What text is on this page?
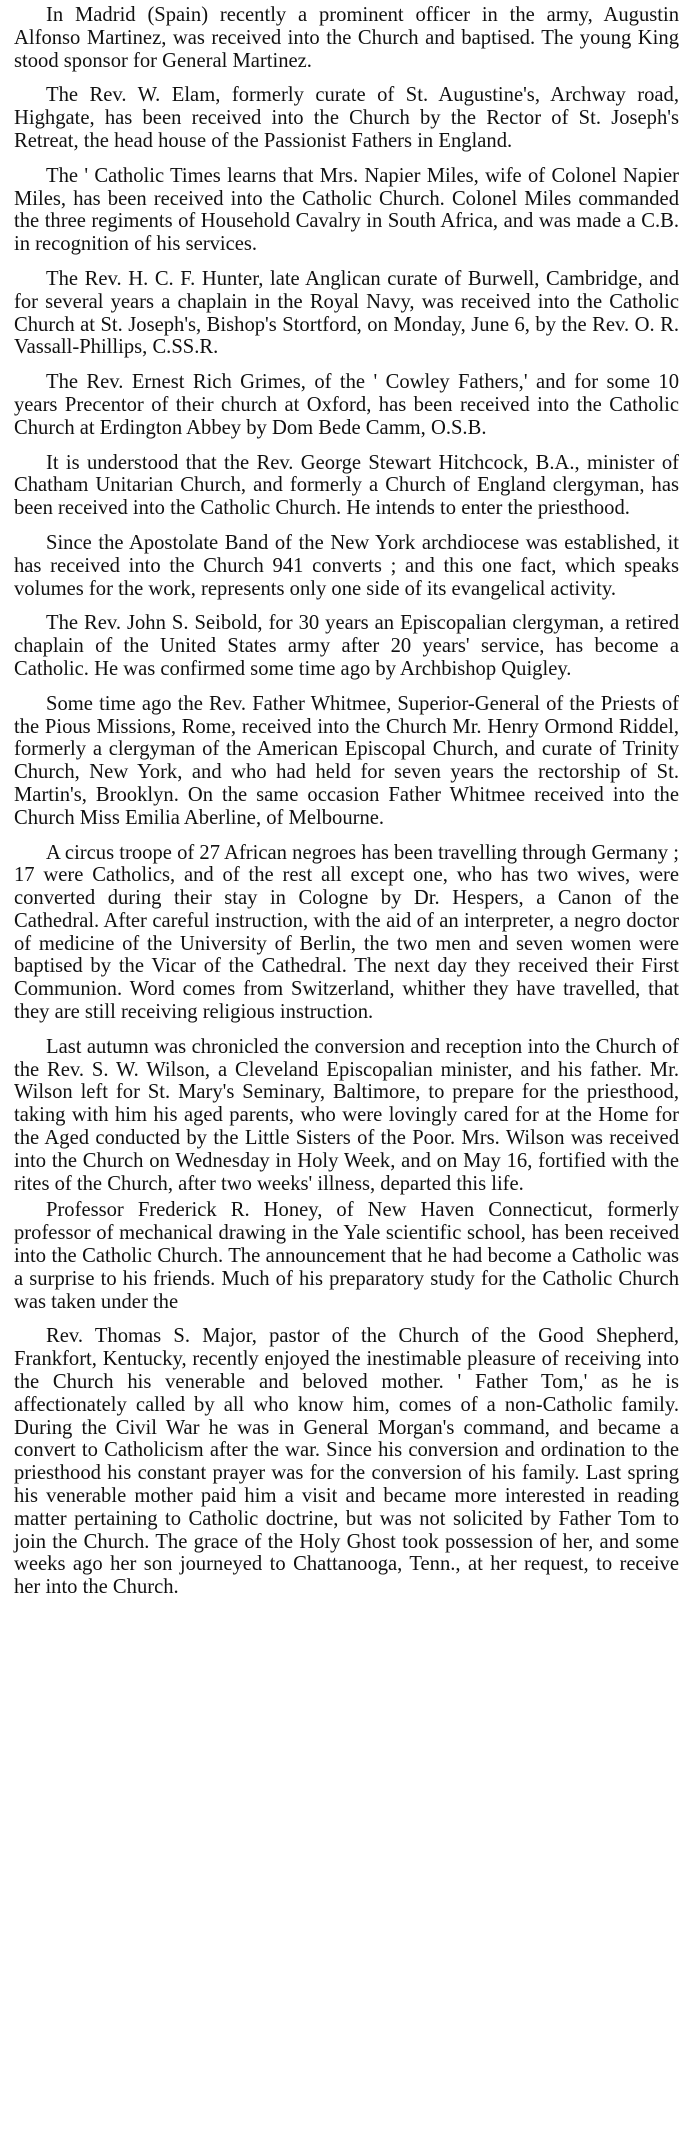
In Madrid (Spain) recently a prominent officer in the army, Augustin Alfonso Martinez, was received into the Church and baptised. The young King stood sponsor for General Martinez.

The Rev. W. Elam, formerly curate of St. Augustine's, Archway road, Highgate, has been received into the Church by the Rector of St. Joseph's Retreat, the head house of the Passionist Fathers in England.

The ' Catholic Times learns that Mrs. Napier Miles, wife of Colonel Napier Miles, has been received into the Catholic Church. Colonel Miles commanded the three regiments of Household Cavalry in South Africa, and was made a C.B. in recognition of his services.

The Rev. H. C. F. Hunter, late Anglican curate of Burwell, Cambridge, and for several years a chaplain in the Royal Navy, was received into the Catholic Church at St. Joseph's, Bishop's Stortford, on Monday, June 6, by the Rev. O. R. Vassall-Phillips, C.SS.R.

The Rev. Ernest Rich Grimes, of the ' Cowley Fathers,' and for some 10 years Precentor of their church at Oxford, has been received into the Catholic Church at Erdington Abbey by Dom Bede Camm, O.S.B.

It is understood that the Rev. George Stewart Hitchcock, B.A., minister of Chatham Unitarian Church, and formerly a Church of England clergyman, has been received into the Catholic Church. He intends to enter the priesthood.

Since the Apostolate Band of the New York archdiocese was established, it has received into the Church 941 converts ; and this one fact, which speaks volumes for the work, represents only one side of its evangelical activity.

The Rev. John S. Seibold, for 30 years an Episcopalian clergyman, a retired chaplain of the United States army after 20 years' service, has become a Catholic. He was confirmed some time ago by Archbishop Quigley.

Some time ago the Rev. Father Whitmee, Superior-General of the Priests of the Pious Missions, Rome, received into the Church Mr. Henry Ormond Riddel, formerly a clergyman of the American Episcopal Church, and curate of Trinity Church, New York, and who had held for seven years the rectorship of St. Martin's, Brooklyn. On the same occasion Father Whitmee received into the Church Miss Emilia Aberline, of Melbourne.

A circus troope of 27 African negroes has been travelling through Germany ; 17 were Catholics, and of the rest all except one, who has two wives, were converted during their stay in Cologne by Dr. Hespers, a Canon of the Cathedral. After careful instruction, with the aid of an interpreter, a negro doctor of medicine of the University of Berlin, the two men and seven women were baptised by the Vicar of the Cathedral. The next day they received their First Communion. Word comes from Switzerland, whither they have travelled, that they are still receiving religious instruction.

Last autumn was chronicled the conversion and reception into the Church of the Rev. S. W. Wilson, a Cleveland Episcopalian minister, and his father. Mr. Wilson left for St. Mary's Seminary, Baltimore, to prepare for the priesthood, taking with him his aged parents, who were lovingly cared for at the Home for the Aged conducted by the Little Sisters of the Poor. Mrs. Wilson was received into the Church on Wednesday in Holy Week, and on May 16, fortified with the rites of the Church, after two weeks' illness, departed this life.

Professor Frederick R. Honey, of New Haven Connecticut, formerly professor of mechanical drawing in the Yale scientific school, has been received into the Catholic Church. The announcement that he had become a Catholic was a surprise to his friends. Much of his preparatory study for the Catholic Church was taken under the

Rev. Thomas S. Major, pastor of the Church of the Good Shepherd, Frankfort, Kentucky, recently enjoyed the inestimable pleasure of receiving into the Church his venerable and beloved mother. ' Father Tom,' as he is affectionately called by all who know him, comes of a non-Catholic family. During the Civil War he was in General Morgan's command, and became a convert to Catholicism after the war. Since his conversion and ordination to the priesthood his constant prayer was for the conversion of his family. Last spring his venerable mother paid him a visit and became more interested in reading matter pertaining to Catholic doctrine, but was not solicited by Father Tom to join the Church. The grace of the Holy Ghost took possession of her, and some weeks ago her son journeyed to Chattanooga, Tenn., at her request, to receive her into the Church.
